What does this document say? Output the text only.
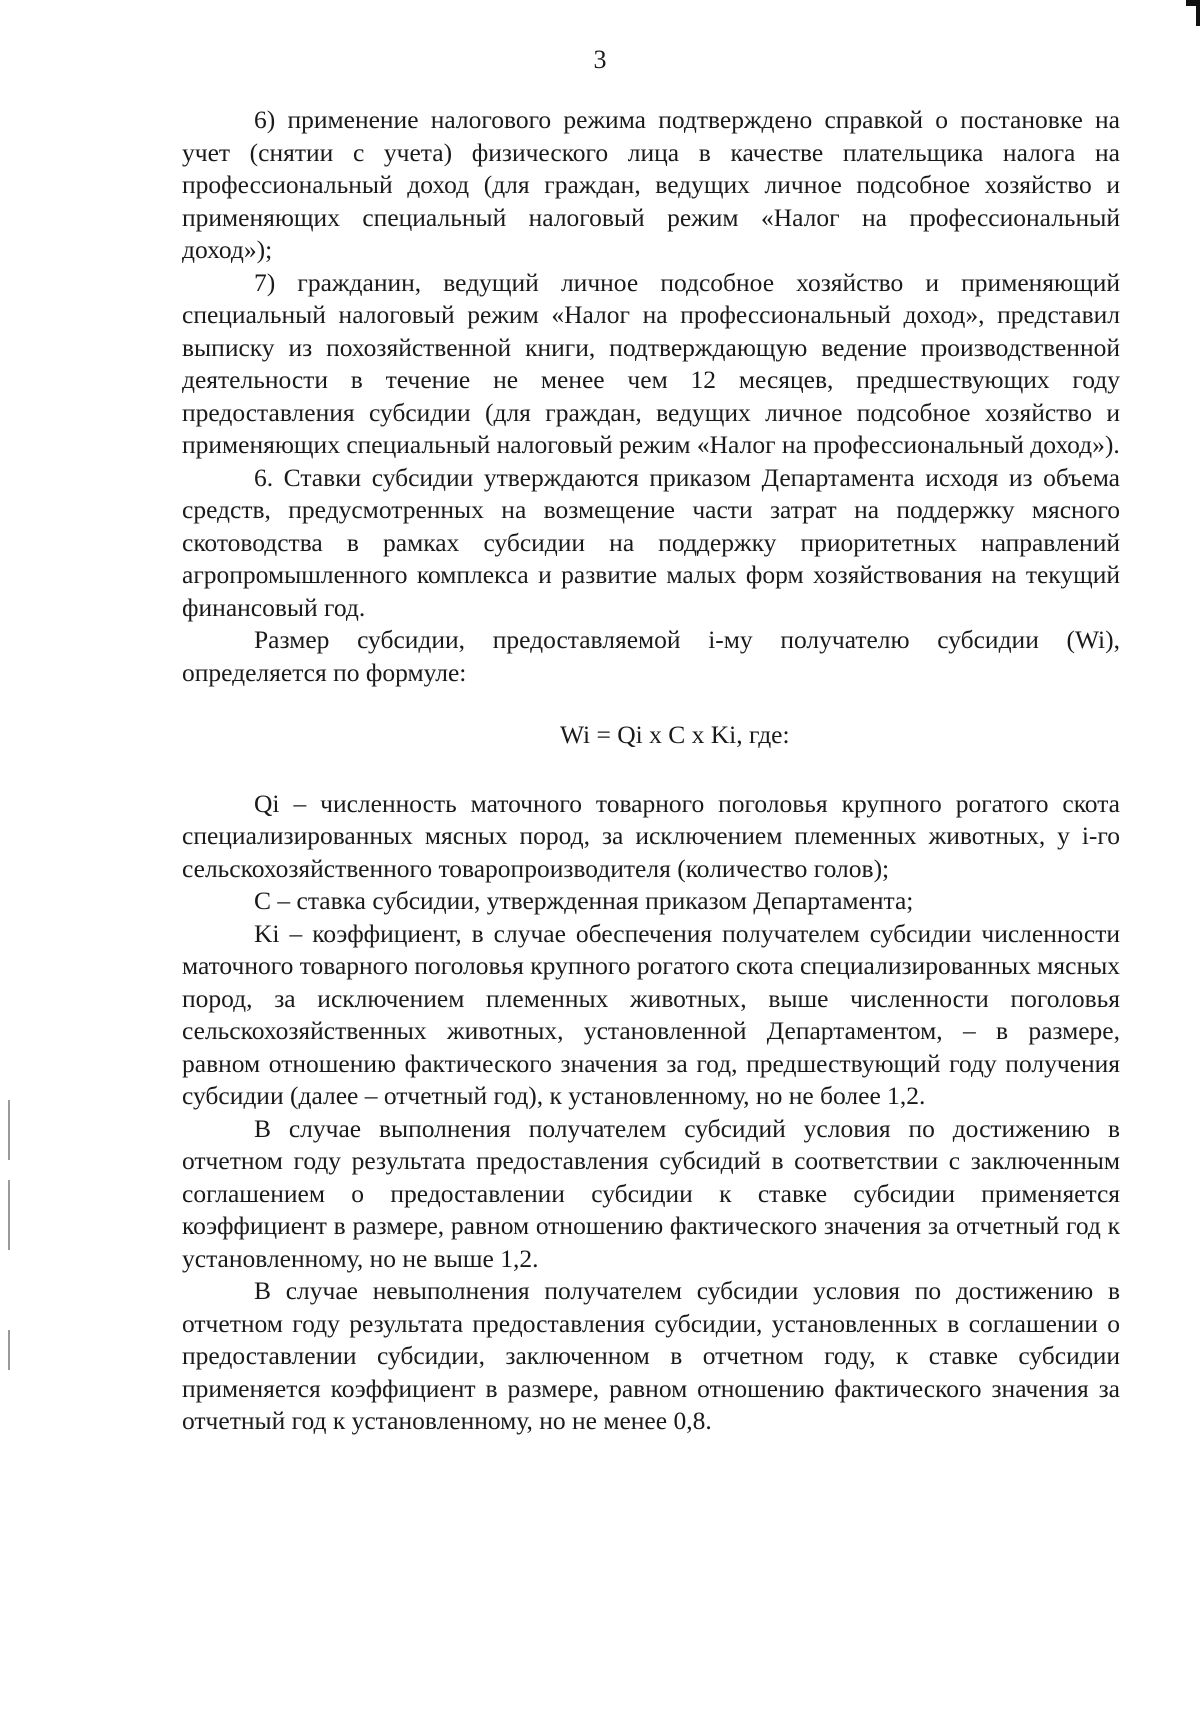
3

6) применение налогового режима подтверждено справкой о постановке на учет (снятии с учета) физического лица в качестве плательщика налога на профессиональный доход (для граждан, ведущих личное подсобное хозяйство и применяющих специальный налоговый режим «Налог на профессиональный доход»);

7) гражданин, ведущий личное подсобное хозяйство и применяющий специальный налоговый режим «Налог на профессиональный доход», представил выписку из похозяйственной книги, подтверждающую ведение производственной деятельности в течение не менее чем 12 месяцев, предшествующих году предоставления субсидии (для граждан, ведущих личное подсобное хозяйство и применяющих специальный налоговый режим «Налог на профессиональный доход»).

6. Ставки субсидии утверждаются приказом Департамента исходя из объема средств, предусмотренных на возмещение части затрат на поддержку мясного скотоводства в рамках субсидии на поддержку приоритетных направлений агропромышленного комплекса и развитие малых форм хозяйствования на текущий финансовый год.

Размер субсидии, предоставляемой i-му получателю субсидии (Wi), определяется по формуле:

Wi = Qi x C x Ki, где:

Qi – численность маточного товарного поголовья крупного рогатого скота специализированных мясных пород, за исключением племенных животных, у i-го сельскохозяйственного товаропроизводителя (количество голов);

C – ставка субсидии, утвержденная приказом Департамента;

Ki – коэффициент, в случае обеспечения получателем субсидии численности маточного товарного поголовья крупного рогатого скота специализированных мясных пород, за исключением племенных животных, выше численности поголовья сельскохозяйственных животных, установленной Департаментом, – в размере, равном отношению фактического значения за год, предшествующий году получения субсидии (далее – отчетный год), к установленному, но не более 1,2.

В случае выполнения получателем субсидий условия по достижению в отчетном году результата предоставления субсидий в соответствии с заключенным соглашением о предоставлении субсидии к ставке субсидии применяется коэффициент в размере, равном отношению фактического значения за отчетный год к установленному, но не выше 1,2.

В случае невыполнения получателем субсидии условия по достижению в отчетном году результата предоставления субсидии, установленных в соглашении о предоставлении субсидии, заключенном в отчетном году, к ставке субсидии применяется коэффициент в размере, равном отношению фактического значения за отчетный год к установленному, но не менее 0,8.
